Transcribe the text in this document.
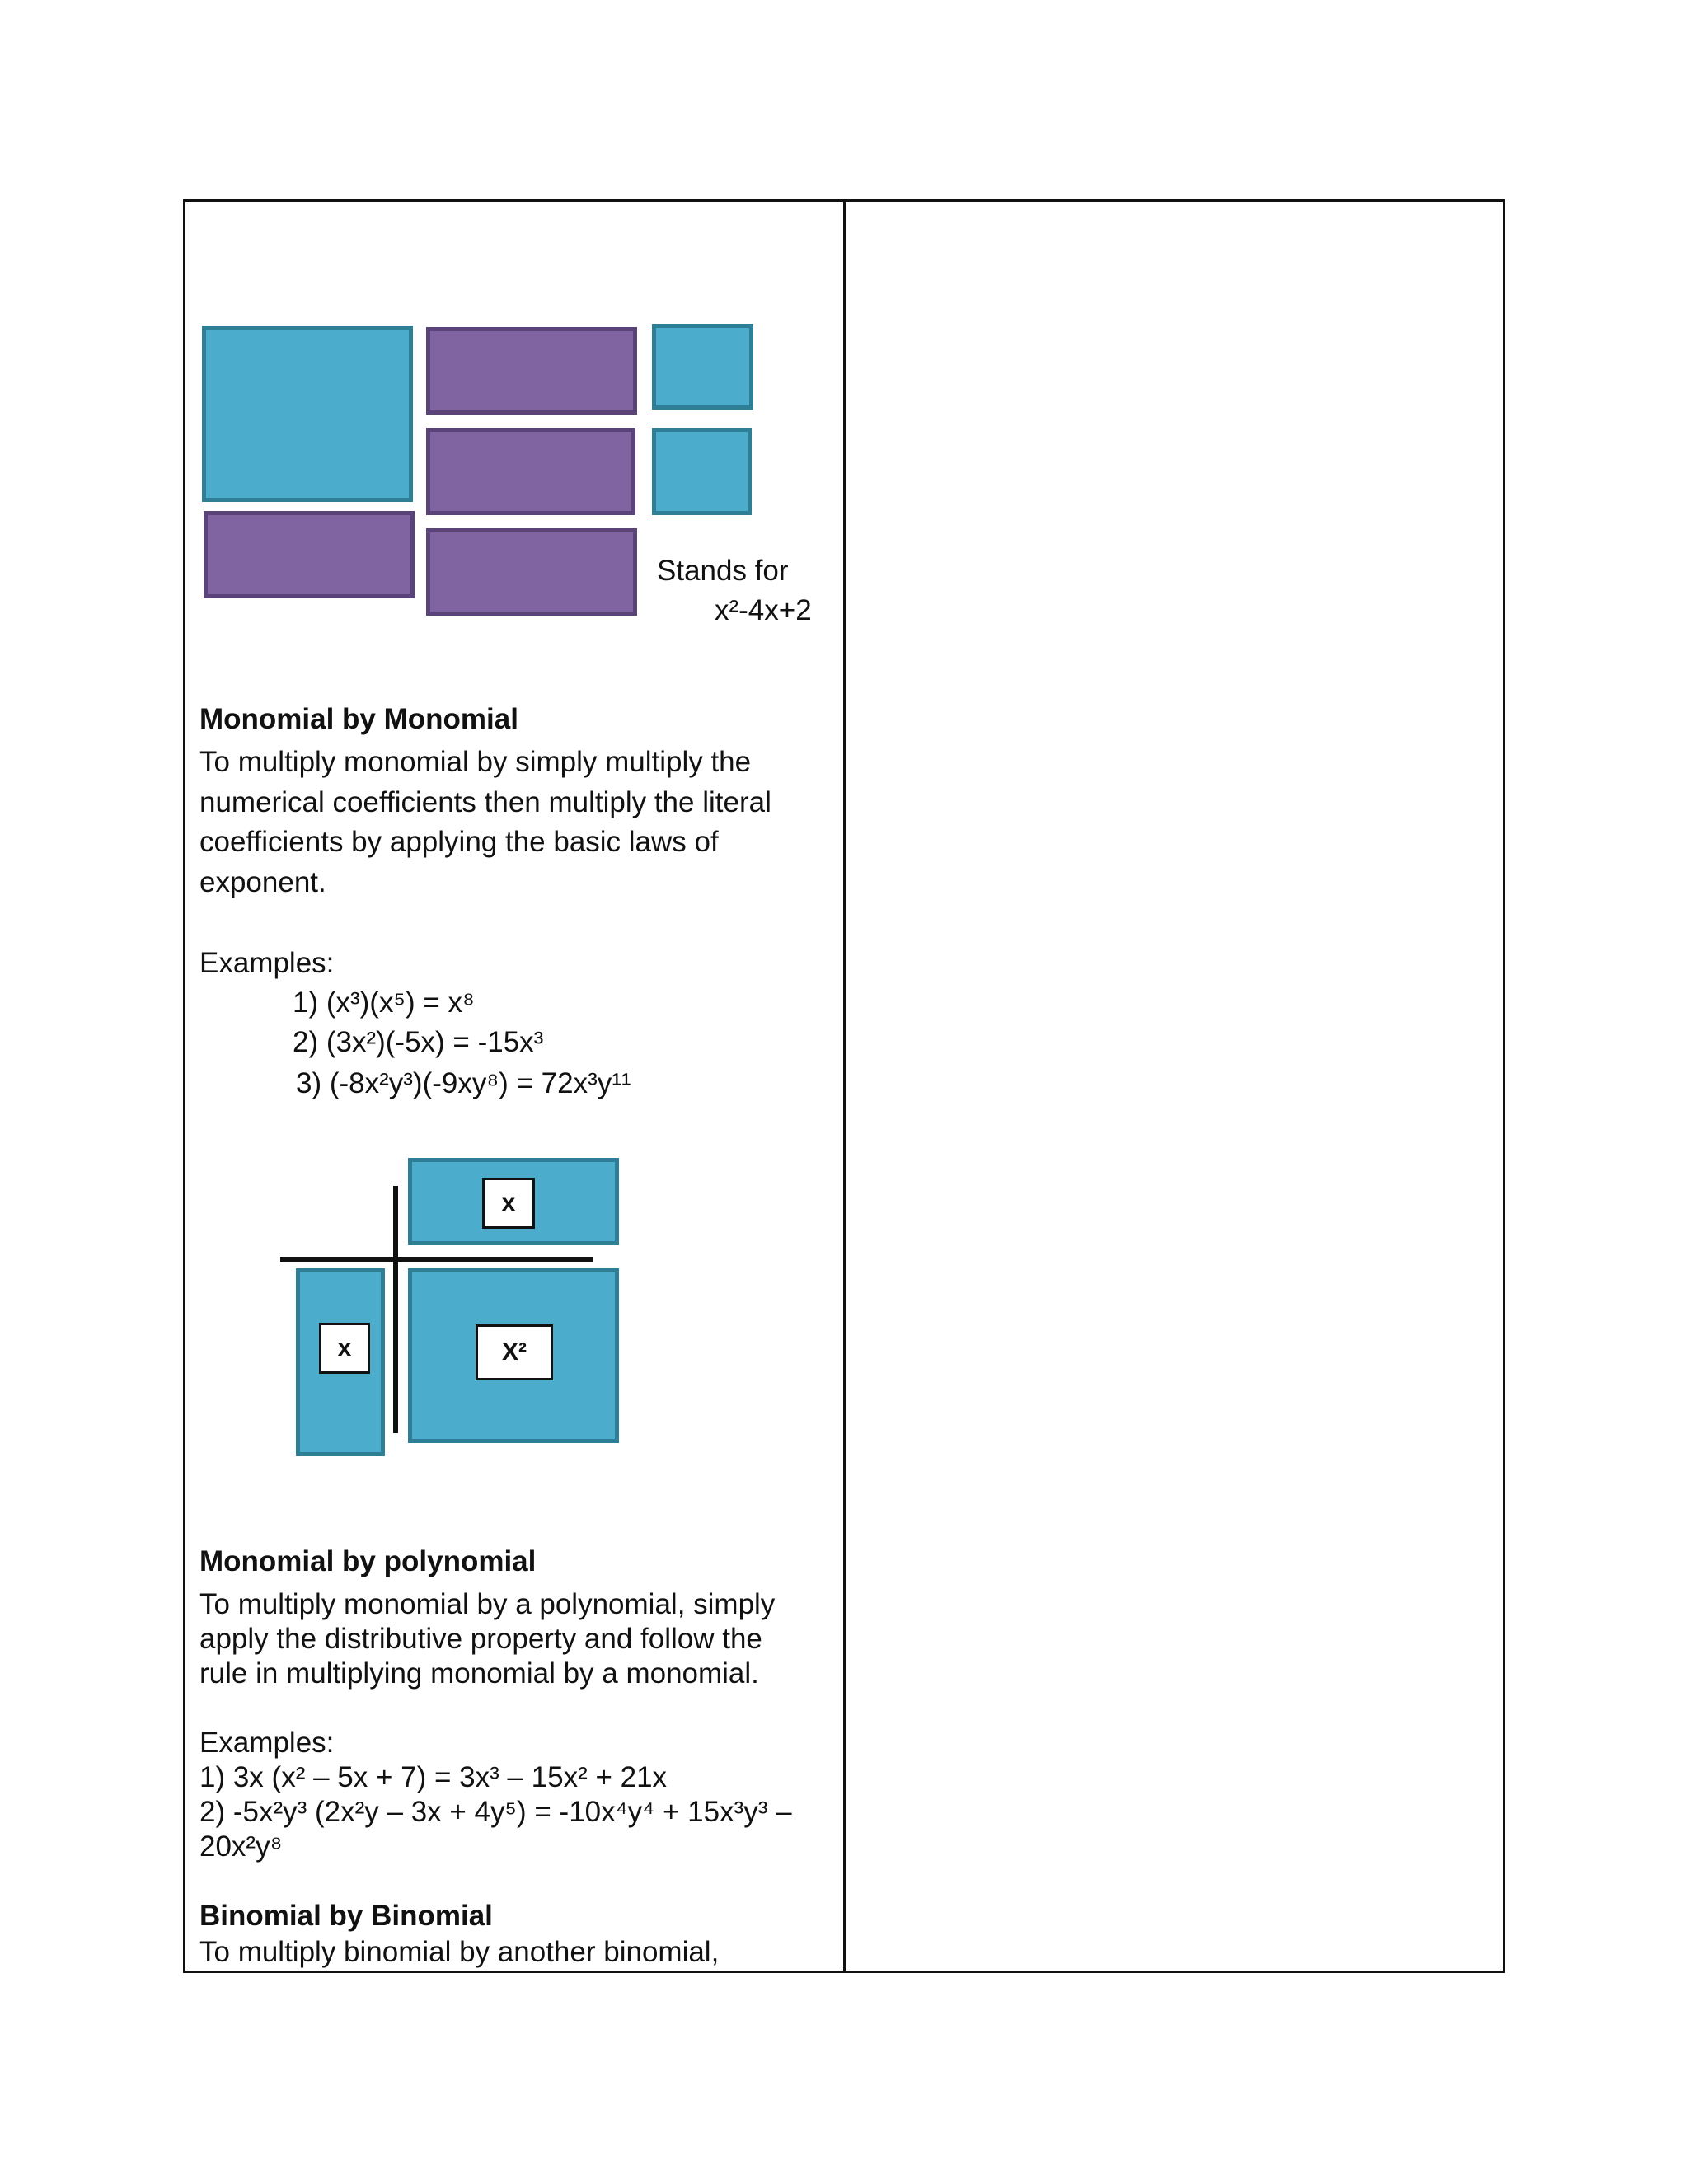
Stands for
x²-4x+2
Monomial by Monomial
To multiply monomial by simply multiply the
numerical coefficients then multiply the literal
coefficients by applying the basic laws of
exponent.
Examples:
1) (x³)(x⁵) = x⁸
2) (3x²)(-5x) = -15x³
3) (-8x²y³)(-9xy⁸) = 72x³y¹¹
x
x	X²
Monomial by polynomial
To multiply monomial by a polynomial, simply
apply the distributive property and follow the
rule in multiplying monomial by a monomial.
Examples:
1) 3x (x² – 5x + 7) = 3x³ – 15x² + 21x
2) -5x²y³ (2x²y – 3x + 4y⁵) = -10x⁴y⁴ + 15x³y³ –
20x²y⁸
Binomial by Binomial
To multiply binomial by another binomial,
